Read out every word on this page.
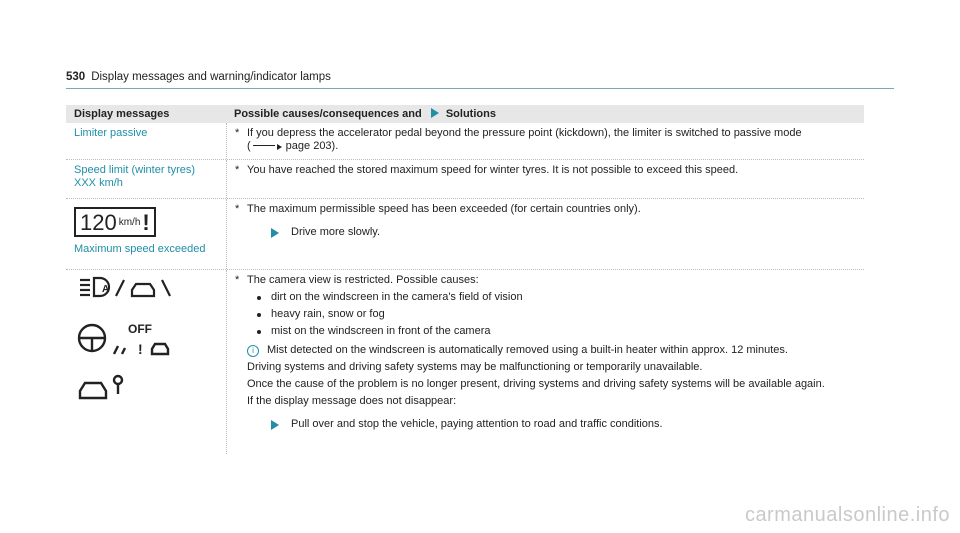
530 Display messages and warning/indicator lamps
Display messages	Possible causes/consequences and Solutions
Limiter passive	* If you depress the accelerator pedal beyond the pressure point (kickdown), the limiter is switched to passive mode
(	page 203).
Speed limit (winter tyres)
XXX km/h
* You have reached the stored maximum speed for winter tyres. It is not possible to exceed this speed.
120 km/h !
Maximum speed exceeded
* The maximum permissible speed has been exceeded (for certain countries only).
Drive more slowly.
A
!
OFF
* The camera view is restricted. Possible causes:
dirt on the windscreen in the camera's field of vision
heavy rain, snow or fog
mist on the windscreen in front of the camera
i	Mist detected on the windscreen is automatically removed using a built-in heater within approx. 12 minutes.

Driving systems and driving safety systems may be malfunctioning or temporarily unavailable.

Once the cause of the problem is no longer present, driving systems and driving safety systems will be available again.

If the display message does not disappear:

Pull over and stop the vehicle, paying attention to road and traffic conditions.
carmanualsonline.info
